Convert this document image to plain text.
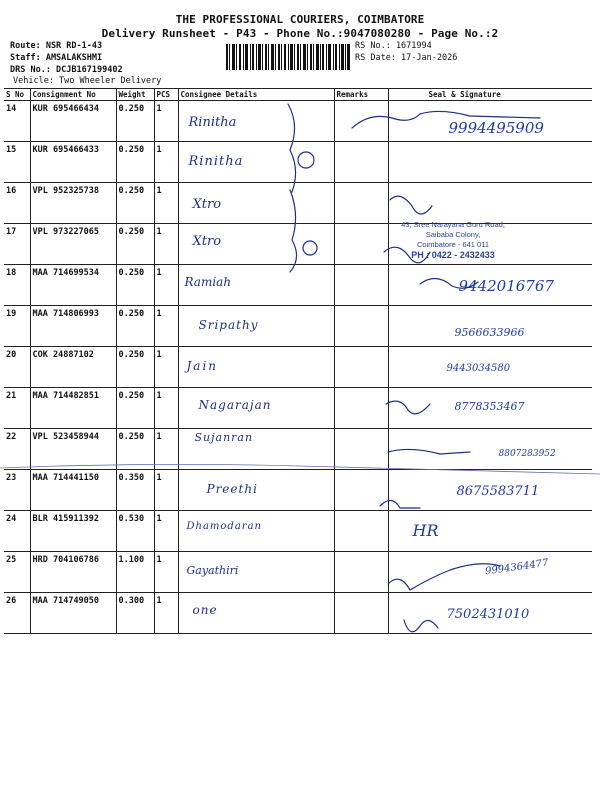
THE PROFESSIONAL COURIERS, COIMBATORE
Delivery Runsheet - P43 - Phone No.:9047080280 - Page No.:2
Route: NSR RD-1-43
Staff: AMSALAKSHMI
DRS No.: DCJB167199402
Vehicle: Two Wheeler Delivery
RS No.: 1671994
RS Date: 17-Jan-2026
S No	Consignment No	Weight	PCS	Consignee Details	Remarks	Seal & Signature
14	KUR 695466434	0.250	1	Rinitha		9994495909

15	KUR 695466433	0.250	1	Rinitha		

16	VPL 952325738	0.250	1	Xtro		

17	VPL 973227065	0.250	1	Xtro		

18	MAA 714699534	0.250	1	Ramiah		9442016767

19	MAA 714806993	0.250	1	Sripathy		9566633966

20	COK 24887102	0.250	1	Jain		9443034580

21	MAA 714482851	0.250	1	Nagarajan		8778353467

22	VPL 523458944	0.250	1	Sujanran		8807283952

23	MAA 714441150	0.350	1	Preethi		8675583711

24	BLR 415911392	0.530	1	Dhamodaran		HR

25	HRD 704106786	1.100	1	Gayathiri		9994364477

26	MAA 714749050	0.300	1	one		7502431010
43, Sree Narayana Guru Road,
Saibaba Colony,
Coimbatore - 641 011
PH : 0422 - 2432433
